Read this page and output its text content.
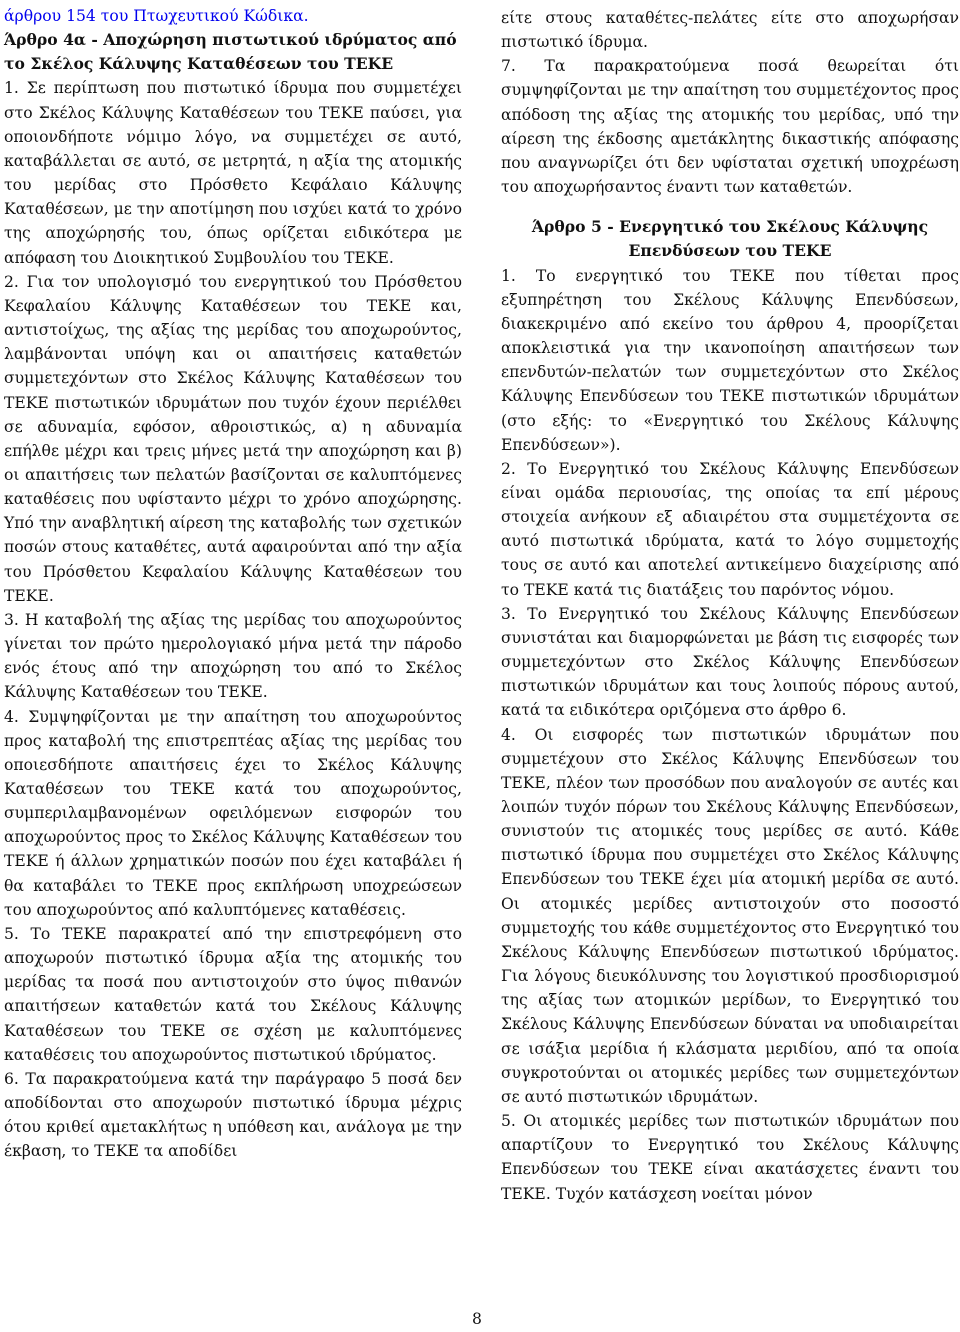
άρθρου 154 του Πτωχευτικού Κώδικα.

Άρθρο 4α - Αποχώρηση πιστωτικού ιδρύματος από το Σκέλος Κάλυψης Καταθέσεων του ΤΕΚΕ

1. Σε περίπτωση που πιστωτικό ίδρυμα που συμμετέχει στο Σκέλος Κάλυψης Καταθέσεων του ΤΕΚΕ παύσει, για οποιονδήποτε νόμιμο λόγο, να συμμετέχει σε αυτό, καταβάλλεται σε αυτό, σε μετρητά, η αξία της ατομικής του μερίδας στο Πρόσθετο Κεφάλαιο Κάλυψης Καταθέσεων, με την αποτίμηση που ισχύει κατά το χρόνο της αποχώρησής του, όπως ορίζεται ειδικότερα με απόφαση του Διοικητικού Συμβουλίου του ΤΕΚΕ.

2. Για τον υπολογισμό του ενεργητικού του Πρόσθετου Κεφαλαίου Κάλυψης Καταθέσεων του ΤΕΚΕ και, αντιστοίχως, της αξίας της μερίδας του αποχωρούντος, λαμβάνονται υπόψη και οι απαιτήσεις καταθετών συμμετεχόντων στο Σκέλος Κάλυψης Καταθέσεων του ΤΕΚΕ πιστωτικών ιδρυμάτων που τυχόν έχουν περιέλθει σε αδυναμία, εφόσον, αθροιστικώς, α) η αδυναμία επήλθε μέχρι και τρεις μήνες μετά την αποχώρηση και β) οι απαιτήσεις των πελατών βασίζονται σε καλυπτόμενες καταθέσεις που υφίσταντο μέχρι το χρόνο αποχώρησης. Υπό την αναβλητική αίρεση της καταβολής των σχετικών ποσών στους καταθέτες, αυτά αφαιρούνται από την αξία του Πρόσθετου Κεφαλαίου Κάλυψης Καταθέσεων του ΤΕΚΕ.

3. Η καταβολή της αξίας της μερίδας του αποχωρούντος γίνεται τον πρώτο ημερολογιακό μήνα μετά την πάροδο ενός έτους από την αποχώρηση του από το Σκέλος Κάλυψης Καταθέσεων του ΤΕΚΕ.

4. Συμψηφίζονται με την απαίτηση του αποχωρούντος προς καταβολή της επιστρεπτέας αξίας της μερίδας του οποιεσδήποτε απαιτήσεις έχει το Σκέλος Κάλυψης Καταθέσεων του ΤΕΚΕ κατά του αποχωρούντος, συμπεριλαμβανομένων οφειλόμενων εισφορών του αποχωρούντος προς το Σκέλος Κάλυψης Καταθέσεων του ΤΕΚΕ ή άλλων χρηματικών ποσών που έχει καταβάλει ή θα καταβάλει το ΤΕΚΕ προς εκπλήρωση υποχρεώσεων του αποχωρούντος από καλυπτόμενες καταθέσεις.

5. Το ΤΕΚΕ παρακρατεί από την επιστρεφόμενη στο αποχωρούν πιστωτικό ίδρυμα αξία της ατομικής του μερίδας τα ποσά που αντιστοιχούν στο ύψος πιθανών απαιτήσεων καταθετών κατά του Σκέλους Κάλυψης Καταθέσεων του ΤΕΚΕ σε σχέση με καλυπτόμενες καταθέσεις του αποχωρούντος πιστωτικού ιδρύματος.

6. Τα παρακρατούμενα κατά την παράγραφο 5 ποσά δεν αποδίδονται στο αποχωρούν πιστωτικό ίδρυμα μέχρις ότου κριθεί αμετακλήτως η υπόθεση και, ανάλογα με την έκβαση, το ΤΕΚΕ τα αποδίδει

είτε στους καταθέτες-πελάτες είτε στο αποχωρήσαν πιστωτικό ίδρυμα.

7. Τα παρακρατούμενα ποσά θεωρείται ότι συμψηφίζονται με την απαίτηση του συμμετέχοντος προς απόδοση της αξίας της ατομικής του μερίδας, υπό την αίρεση της έκδοσης αμετάκλητης δικαστικής απόφασης που αναγνωρίζει ότι δεν υφίσταται σχετική υποχρέωση του αποχωρήσαντος έναντι των καταθετών.

Άρθρο 5 - Ενεργητικό του Σκέλους Κάλυψης Επενδύσεων του ΤΕΚΕ

1. Το ενεργητικό του ΤΕΚΕ που τίθεται προς εξυπηρέτηση του Σκέλους Κάλυψης Επενδύσεων, διακεκριμένο από εκείνο του άρθρου 4, προορίζεται αποκλειστικά για την ικανοποίηση απαιτήσεων των επενδυτών-πελατών των συμμετεχόντων στο Σκέλος Κάλυψης Επενδύσεων του ΤΕΚΕ πιστωτικών ιδρυμάτων (στο εξής: το «Ενεργητικό του Σκέλους Κάλυψης Επενδύσεων»).

2. Το Ενεργητικό του Σκέλους Κάλυψης Επενδύσεων είναι ομάδα περιουσίας, της οποίας τα επί μέρους στοιχεία ανήκουν εξ αδιαιρέτου στα συμμετέχοντα σε αυτό πιστωτικά ιδρύματα, κατά το λόγο συμμετοχής τους σε αυτό και αποτελεί αντικείμενο διαχείρισης από το ΤΕΚΕ κατά τις διατάξεις του παρόντος νόμου.

3. Το Ενεργητικό του Σκέλους Κάλυψης Επενδύσεων συνιστάται και διαμορφώνεται με βάση τις εισφορές των συμμετεχόντων στο Σκέλος Κάλυψης Επενδύσεων πιστωτικών ιδρυμάτων και τους λοιπούς πόρους αυτού, κατά τα ειδικότερα οριζόμενα στο άρθρο 6.

4. Οι εισφορές των πιστωτικών ιδρυμάτων που συμμετέχουν στο Σκέλος Κάλυψης Επενδύσεων του ΤΕΚΕ, πλέον των προσόδων που αναλογούν σε αυτές και λοιπών τυχόν πόρων του Σκέλους Κάλυψης Επενδύσεων, συνιστούν τις ατομικές τους μερίδες σε αυτό. Κάθε πιστωτικό ίδρυμα που συμμετέχει στο Σκέλος Κάλυψης Επενδύσεων του ΤΕΚΕ έχει μία ατομική μερίδα σε αυτό. Οι ατομικές μερίδες αντιστοιχούν στο ποσοστό συμμετοχής του κάθε συμμετέχοντος στο Ενεργητικό του Σκέλους Κάλυψης Επενδύσεων πιστωτικού ιδρύματος. Για λόγους διευκόλυνσης του λογιστικού προσδιορισμού της αξίας των ατομικών μερίδων, το Ενεργητικό του Σκέλους Κάλυψης Επενδύσεων δύναται να υποδιαιρείται σε ισάξια μερίδια ή κλάσματα μεριδίου, από τα οποία συγκροτούνται οι ατομικές μερίδες των συμμετεχόντων σε αυτό πιστωτικών ιδρυμάτων.

5. Οι ατομικές μερίδες των πιστωτικών ιδρυμάτων που απαρτίζουν το Ενεργητικό του Σκέλους Κάλυψης Επενδύσεων του ΤΕΚΕ είναι ακατάσχετες έναντι του ΤΕΚΕ. Τυχόν κατάσχεση νοείται μόνον

8
